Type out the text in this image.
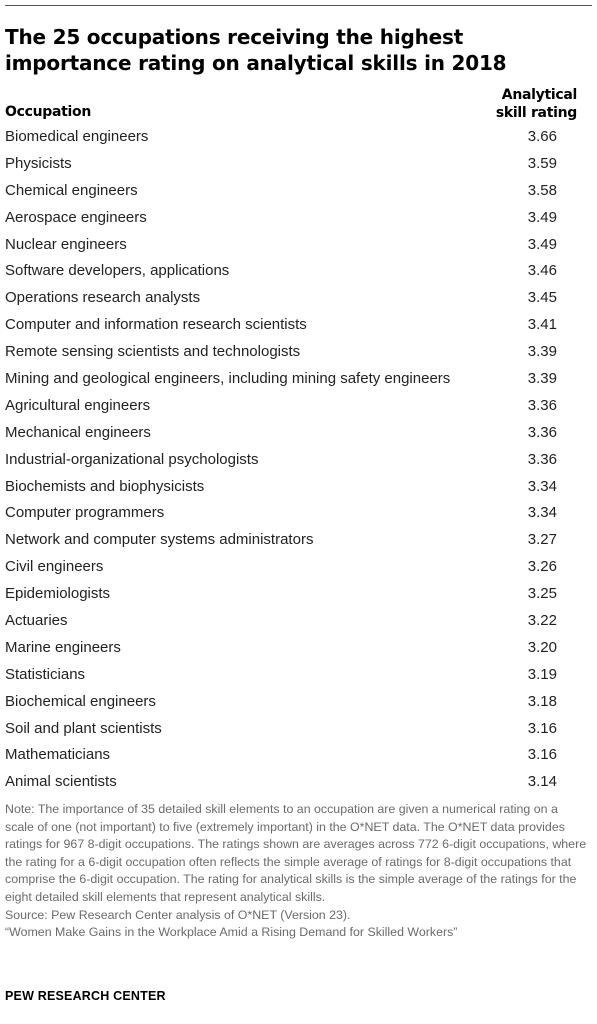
The 25 occupations receiving the highest importance rating on analytical skills in 2018
Occupation
Analytical
skill rating
Biomedical engineers	3.66
Physicists	3.59
Chemical engineers	3.58
Aerospace engineers	3.49
Nuclear engineers	3.49
Software developers, applications	3.46
Operations research analysts	3.45
Computer and information research scientists	3.41
Remote sensing scientists and technologists	3.39
Mining and geological engineers, including mining safety engineers	3.39
Agricultural engineers	3.36
Mechanical engineers	3.36
Industrial-organizational psychologists	3.36
Biochemists and biophysicists	3.34
Computer programmers	3.34
Network and computer systems administrators	3.27
Civil engineers	3.26
Epidemiologists	3.25
Actuaries	3.22
Marine engineers	3.20
Statisticians	3.19
Biochemical engineers	3.18
Soil and plant scientists	3.16
Mathematicians	3.16
Animal scientists	3.14

Note: The importance of 35 detailed skill elements to an occupation are given a numerical rating on a scale of one (not important) to five (extremely important) in the O*NET data. The O*NET data provides ratings for 967 8-digit occupations. The ratings shown are averages across 772 6-digit occupations, where the rating for a 6-digit occupation often reflects the simple average of ratings for 8-digit occupations that comprise the 6-digit occupation. The rating for analytical skills is the simple average of the ratings for the eight detailed skill elements that represent analytical skills.

Source: Pew Research Center analysis of O*NET (Version 23).

“Women Make Gains in the Workplace Amid a Rising Demand for Skilled Workers”

PEW RESEARCH CENTER
